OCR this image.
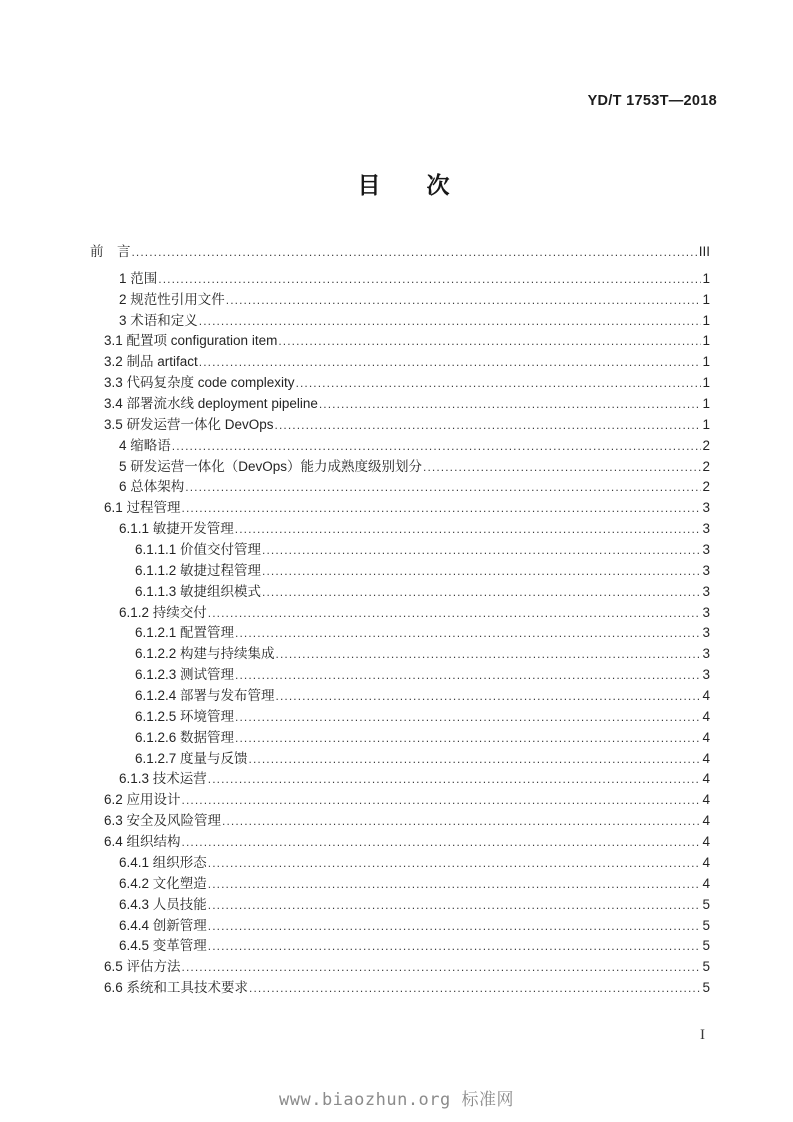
YD/T 1753T—2018
目　　次
前　言 .....	III
1 范围 .....	1
2 规范性引用文件 .....	1
3 术语和定义 .....	1
3.1 配置项 configuration item .....	1
3.2 制品 artifact .....	1
3.3 代码复杂度 code complexity .....	1
3.4 部署流水线 deployment pipeline .....	1
3.5 研发运营一体化 DevOps .....	1
4 缩略语 .....	2
5 研发运营一体化（DevOps）能力成熟度级别划分 .....	2
6 总体架构 .....	2
6.1 过程管理 .....	3
6.1.1 敏捷开发管理 .....	3
6.1.1.1 价值交付管理 .....	3
6.1.1.2 敏捷过程管理 .....	3
6.1.1.3 敏捷组织模式 .....	3
6.1.2 持续交付 .....	3
6.1.2.1 配置管理 .....	3
6.1.2.2 构建与持续集成 .....	3
6.1.2.3 测试管理 .....	3
6.1.2.4 部署与发布管理 .....	4
6.1.2.5 环境管理 .....	4
6.1.2.6 数据管理 .....	4
6.1.2.7 度量与反馈 .....	4
6.1.3 技术运营 .....	4
6.2 应用设计 .....	4
6.3 安全及风险管理 .....	4
6.4 组织结构 .....	4
6.4.1 组织形态 .....	4
6.4.2 文化塑造 .....	4
6.4.3 人员技能 .....	5
6.4.4 创新管理 .....	5
6.4.5 变革管理 .....	5
6.5 评估方法 .....	5
6.6 系统和工具技术要求 .....	5
I
www.biaozhun.org 标准网
